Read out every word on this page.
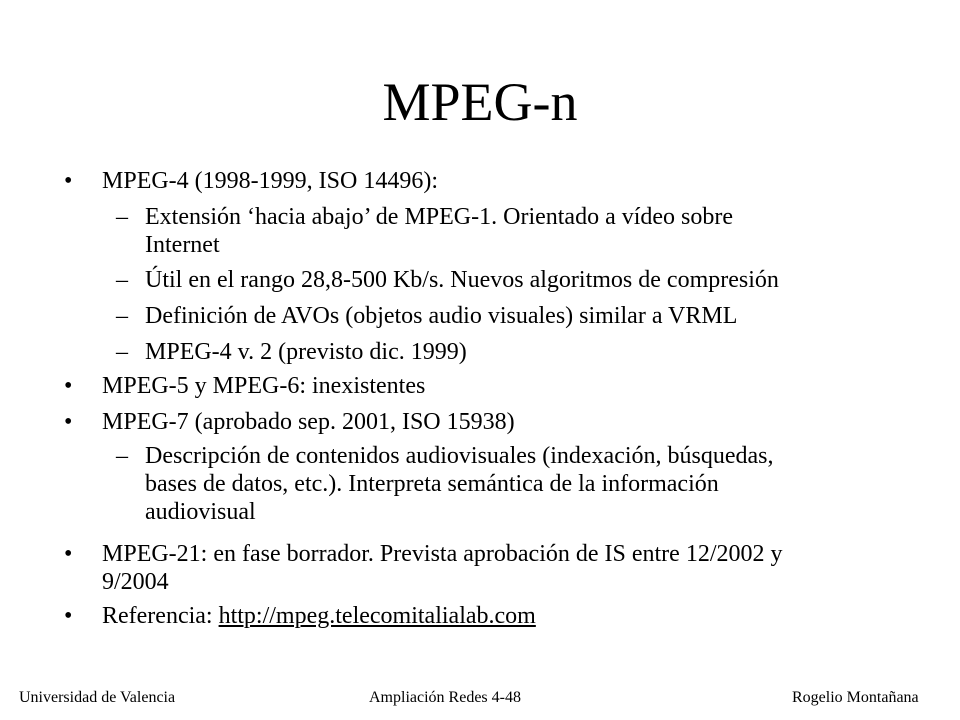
MPEG-n
• MPEG-4 (1998-1999, ISO 14496):
– Extensión ‘hacia abajo’ de MPEG-1. Orientado a vídeo sobre
Internet
– Útil en el rango 28,8-500 Kb/s. Nuevos algoritmos de compresión
– Definición de AVOs (objetos audio visuales) similar a VRML
– MPEG-4 v. 2 (previsto dic. 1999)
• MPEG-5 y MPEG-6: inexistentes
• MPEG-7 (aprobado sep. 2001, ISO 15938)
– Descripción de contenidos audiovisuales (indexación, búsquedas,
bases de datos, etc.). Interpreta semántica de la información
audiovisual
• MPEG-21: en fase borrador. Prevista aprobación de IS entre 12/2002 y
9/2004
• Referencia: http://mpeg.telecomitalialab.com
Universidad de Valencia	Ampliación Redes 4-48	Rogelio Montañana
